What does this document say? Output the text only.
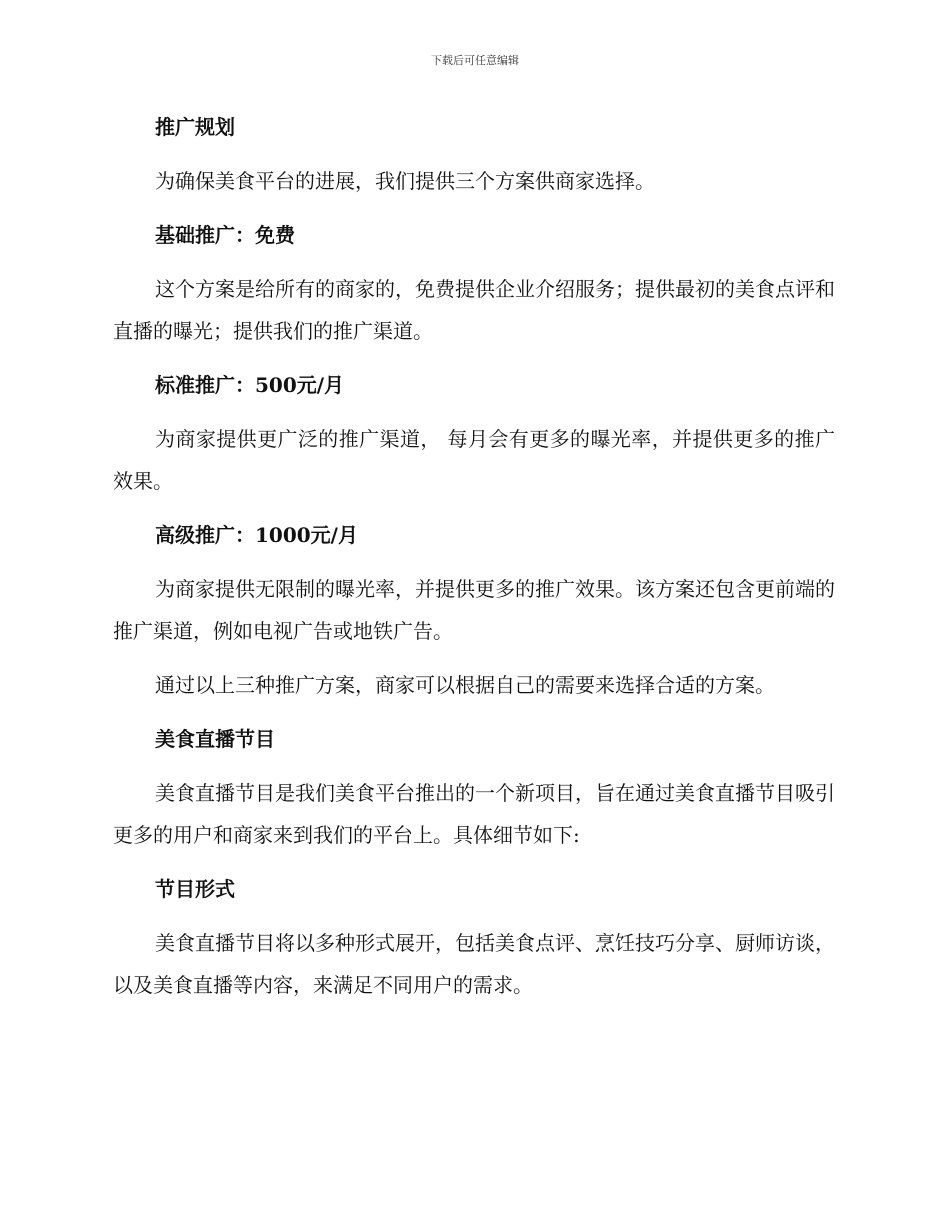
下载后可任意编辑
推广规划
为确保美食平台的进展，我们提供三个方案供商家选择。
基础推广：免费
这个方案是给所有的商家的，免费提供企业介绍服务；提供最初的美食点评和直播的曝光；提供我们的推广渠道。
标准推广：500元/月
为商家提供更广泛的推广渠道， 每月会有更多的曝光率，并提供更多的推广效果。
高级推广：1000元/月
为商家提供无限制的曝光率，并提供更多的推广效果。该方案还包含更前端的推广渠道，例如电视广告或地铁广告。
通过以上三种推广方案，商家可以根据自己的需要来选择合适的方案。
美食直播节目
美食直播节目是我们美食平台推出的一个新项目，旨在通过美食直播节目吸引更多的用户和商家来到我们的平台上。具体细节如下:
节目形式
美食直播节目将以多种形式展开，包括美食点评、烹饪技巧分享、厨师访谈，以及美食直播等内容，来满足不同用户的需求。
